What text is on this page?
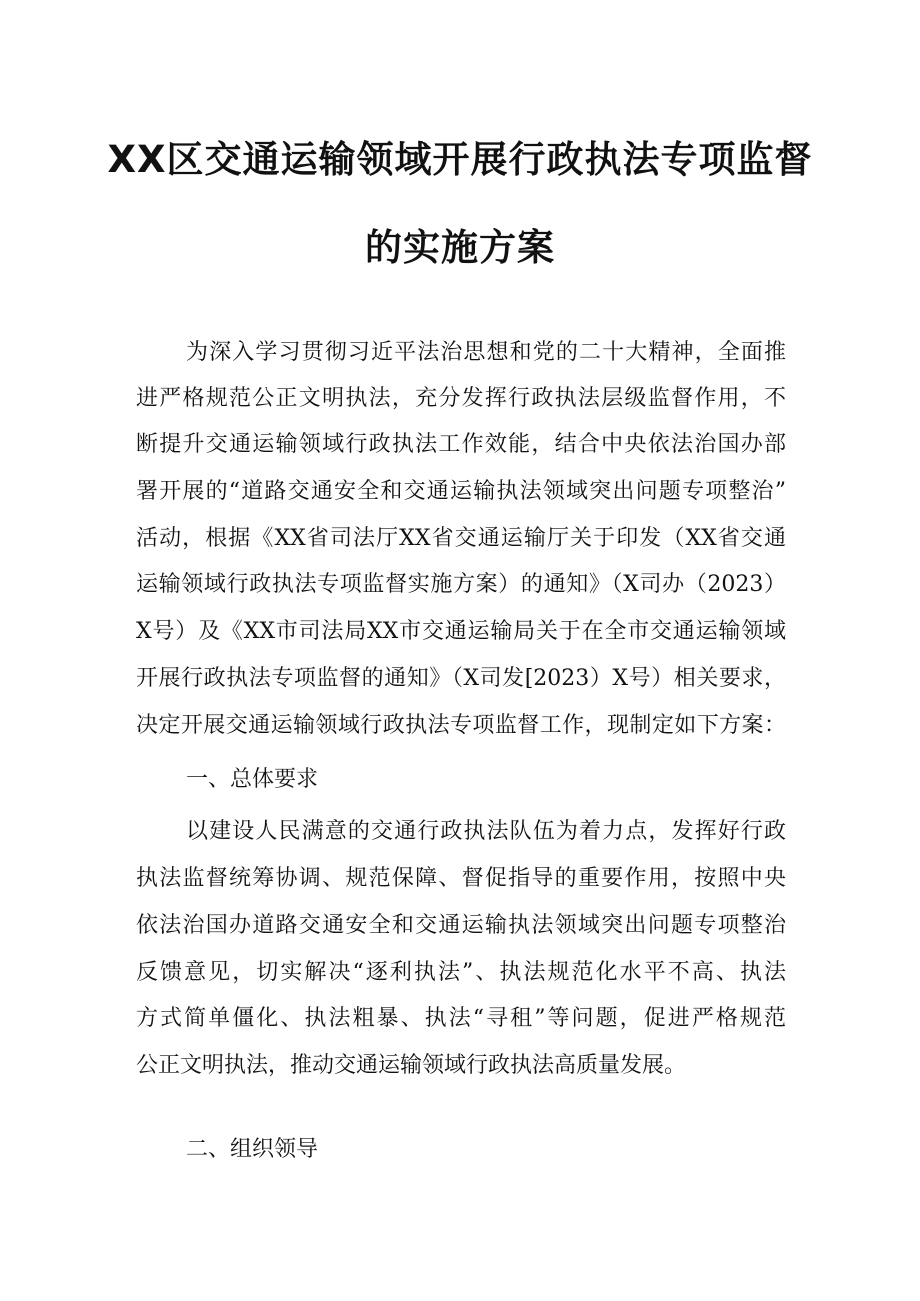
XX区交通运输领域开展行政执法专项监督
的实施方案
为深入学习贯彻习近平法治思想和党的二十大精神，全面推
进严格规范公正文明执法，充分发挥行政执法层级监督作用，不
断提升交通运输领域行政执法工作效能，结合中央依法治国办部
署开展的“道路交通安全和交通运输执法领域突出问题专项整治”
活动，根据《XX省司法厅XX省交通运输厅关于印发（XX省交通
运输领域行政执法专项监督实施方案）的通知》（X司办（2023）
X号）及《XX市司法局XX市交通运输局关于在全市交通运输领域
开展行政执法专项监督的通知》（X司发[2023）X号）相关要求，
决定开展交通运输领域行政执法专项监督工作，现制定如下方案：
一、总体要求
以建设人民满意的交通行政执法队伍为着力点，发挥好行政
执法监督统筹协调、规范保障、督促指导的重要作用，按照中央
依法治国办道路交通安全和交通运输执法领域突出问题专项整治
反馈意见，切实解决“逐利执法”、执法规范化水平不高、执法
方式简单僵化、执法粗暴、执法“寻租”等问题，促进严格规范
公正文明执法，推动交通运输领域行政执法高质量发展。
二、组织领导
